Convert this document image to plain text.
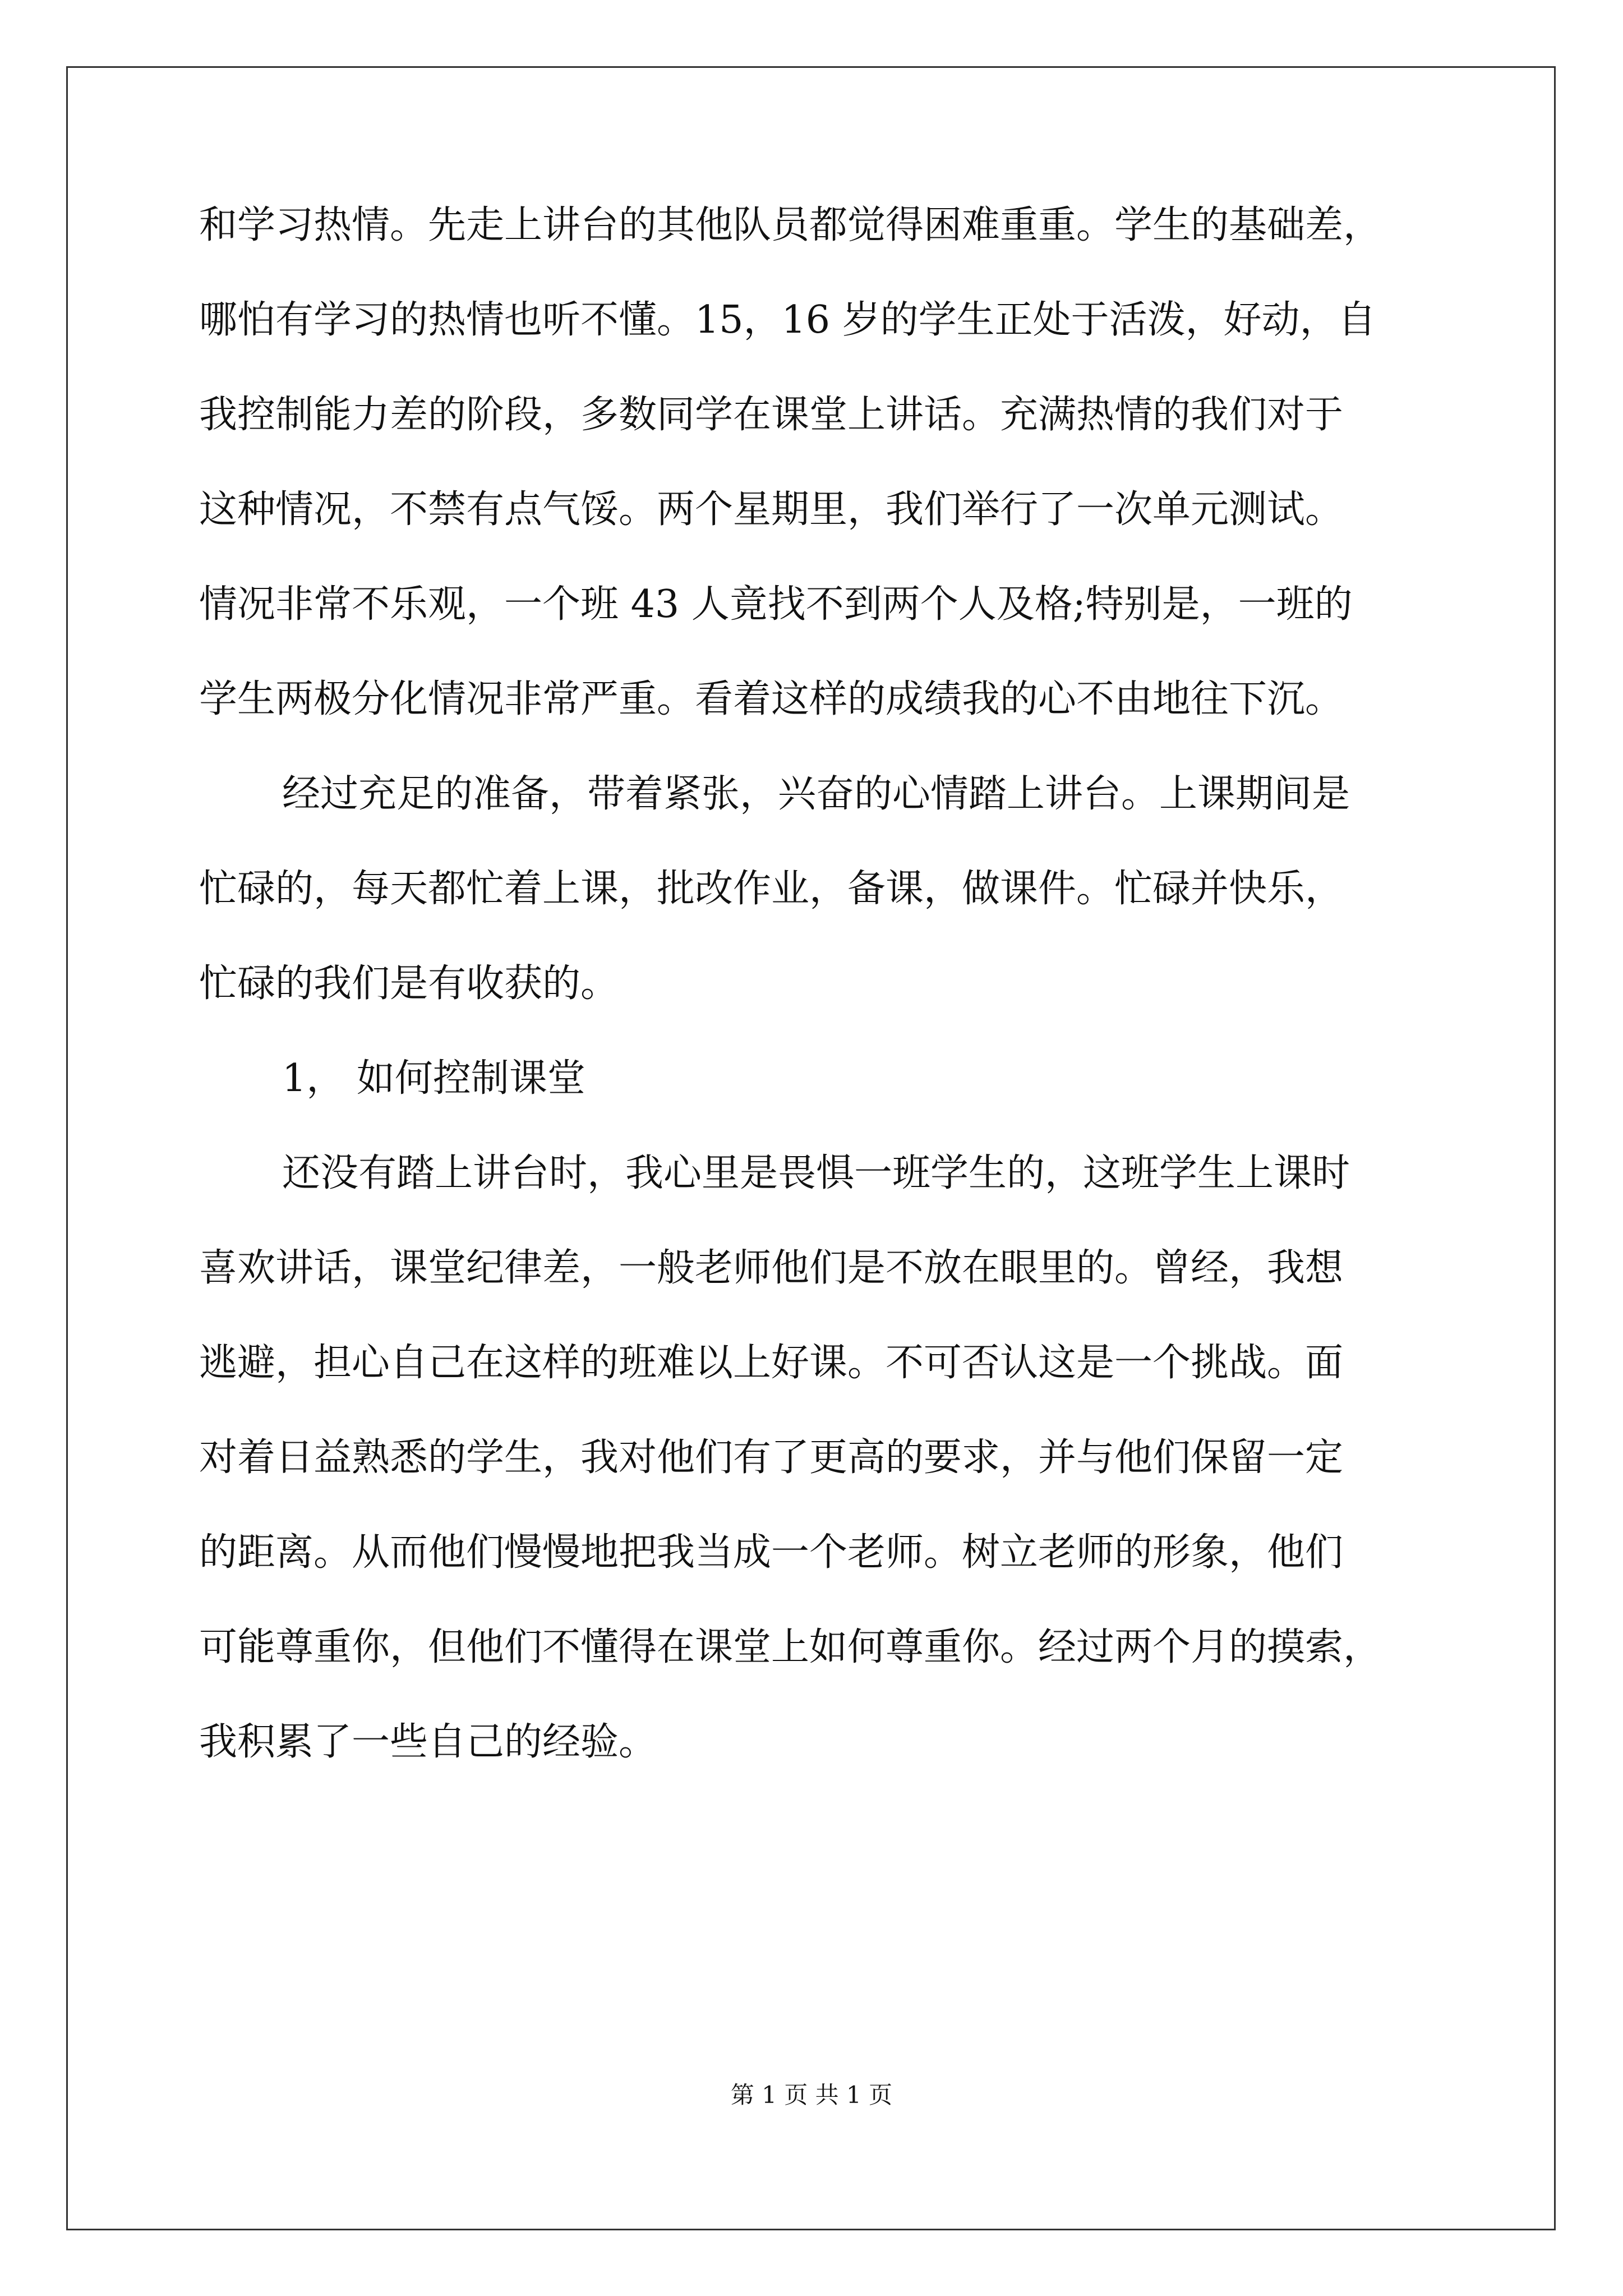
和学习热情。先走上讲台的其他队员都觉得困难重重。学生的基础差，
哪怕有学习的热情也听不懂。15，16 岁的学生正处于活泼，好动，自
我控制能力差的阶段，多数同学在课堂上讲话。充满热情的我们对于
这种情况，不禁有点气馁。两个星期里，我们举行了一次单元测试。
情况非常不乐观，一个班 43 人竟找不到两个人及格;特别是，一班的
学生两极分化情况非常严重。看着这样的成绩我的心不由地往下沉。
经过充足的准备，带着紧张，兴奋的心情踏上讲台。上课期间是
忙碌的，每天都忙着上课，批改作业，备课，做课件。忙碌并快乐，
忙碌的我们是有收获的。
1， 如何控制课堂
还没有踏上讲台时，我心里是畏惧一班学生的，这班学生上课时
喜欢讲话，课堂纪律差，一般老师他们是不放在眼里的。曾经，我想
逃避，担心自己在这样的班难以上好课。不可否认这是一个挑战。面
对着日益熟悉的学生，我对他们有了更高的要求，并与他们保留一定
的距离。从而他们慢慢地把我当成一个老师。树立老师的形象，他们
可能尊重你，但他们不懂得在课堂上如何尊重你。经过两个月的摸索，
我积累了一些自己的经验。
第 1 页 共 1 页
